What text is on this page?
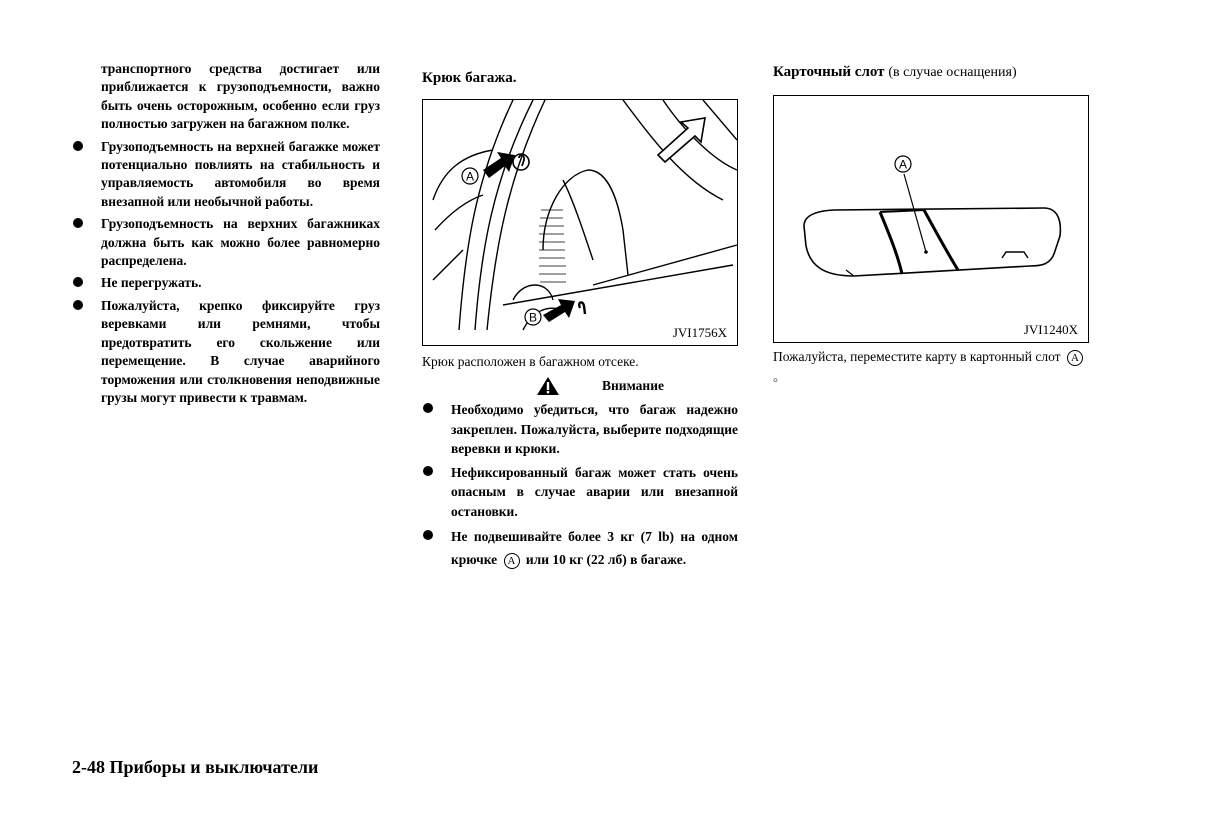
транспортного средства достигает или приближается к грузоподъемности, важно быть очень осторожным, особенно если груз полностью загружен на багажном полке.

Грузоподъемность на верхней багажке может потенциально повлиять на стабильность и управляемость автомобиля во время внезапной или необычной работы.
Грузоподъемность на верхних багажниках должна быть как можно более равномерно распределена.
Не перегружать.
Пожалуйста, крепко фиксируйте груз веревками или ремнями, чтобы предотвратить его скольжение или перемещение. В случае аварийного торможения или столкновения неподвижные грузы могут привести к травмам.
Крюк багажа.
A
B
JVI1756X
Крюк расположен в багажном отсеке.
Внимание
Необходимо убедиться, что багаж надежно закреплен. Пожалуйста, выберите подходящие веревки и крюки.
Нефиксированный багаж может стать очень опасным в случае аварии или внезапной остановки.
Не подвешивайте более 3 кг (7 lb) на одном крючке A или 10 кг (22 лб) в багаже.
Карточный слот (в случае оснащения)
A
JVI1240X
Пожалуйста, переместите карту в картонный слот A。
2-48 Приборы и выключатели
